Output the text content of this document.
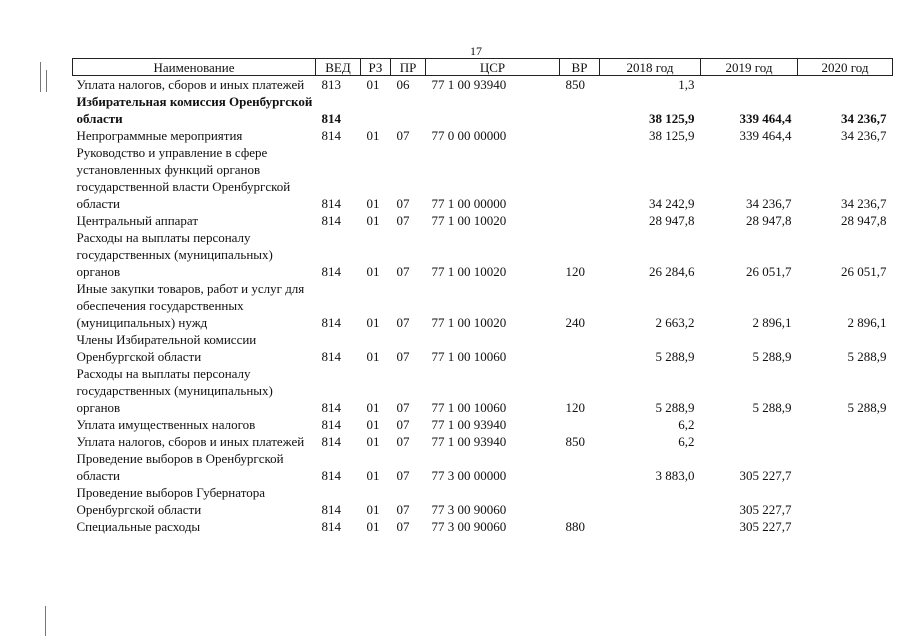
17
Наименование	ВЕД	РЗ	ПР	ЦСР	ВР	2018 год	2019 год	2020 год
Уплата налогов, сборов и иных платежей	813	01	06	77 1 00 93940	850	1,3		
Избирательная комиссия Оренбургской области	814					38 125,9	339 464,4	34 236,7
Непрограммные мероприятия	814	01	07	77 0 00 00000		38 125,9	339 464,4	34 236,7
Руководство и управление в сфере установленных функций органов государственной власти Оренбургской области	814	01	07	77 1 00 00000		34 242,9	34 236,7	34 236,7
Центральный аппарат	814	01	07	77 1 00 10020		28 947,8	28 947,8	28 947,8
Расходы на выплаты персоналу государственных (муниципальных) органов	814	01	07	77 1 00 10020	120	26 284,6	26 051,7	26 051,7
Иные закупки товаров, работ и услуг для обеспечения государственных (муниципальных) нужд	814	01	07	77 1 00 10020	240	2 663,2	2 896,1	2 896,1
Члены Избирательной комиссии Оренбургской области	814	01	07	77 1 00 10060		5 288,9	5 288,9	5 288,9
Расходы на выплаты персоналу государственных (муниципальных) органов	814	01	07	77 1 00 10060	120	5 288,9	5 288,9	5 288,9
Уплата имущественных налогов	814	01	07	77 1 00 93940		6,2		
Уплата налогов, сборов и иных платежей	814	01	07	77 1 00 93940	850	6,2		
Проведение выборов в Оренбургской области	814	01	07	77 3 00 00000		3 883,0	305 227,7	
Проведение выборов Губернатора Оренбургской области	814	01	07	77 3 00 90060			305 227,7	
Специальные расходы	814	01	07	77 3 00 90060	880		305 227,7	
